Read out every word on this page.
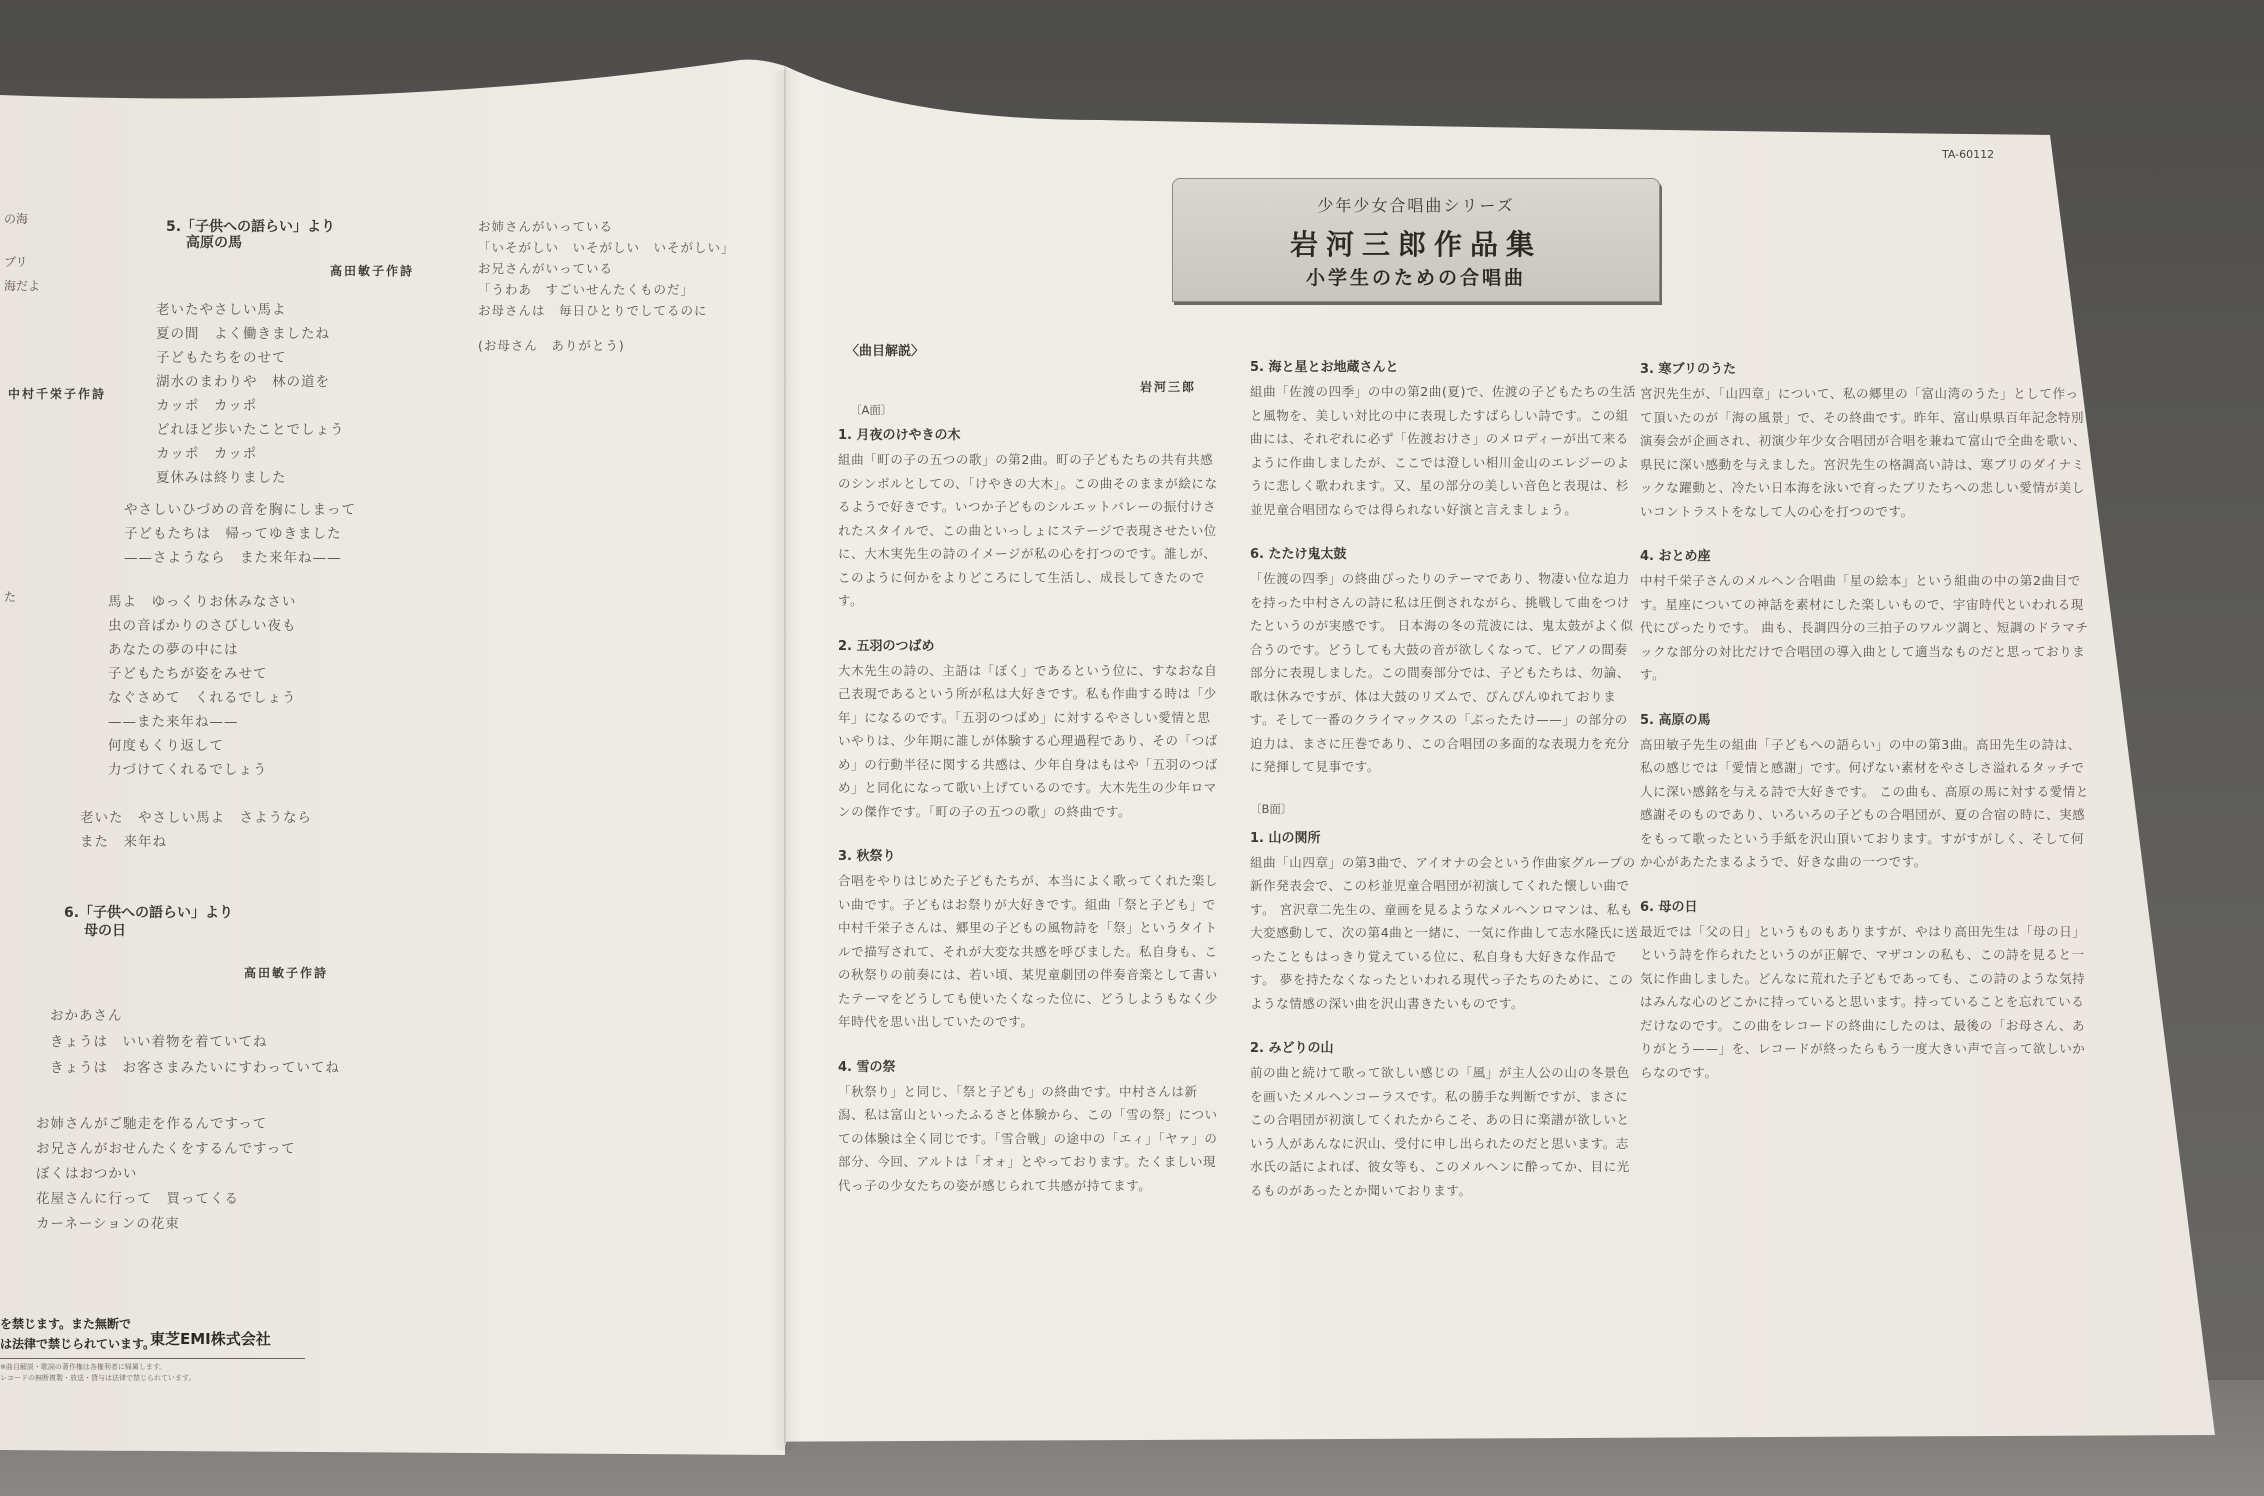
の海
ブリ
海だよ
中村千栄子作詩
た
5.「子供への語らい」より
高原の馬
高田敏子作詩
老いたやさしい馬よ
夏の間　よく働きましたね
子どもたちをのせて
湖水のまわりや　林の道を
カッポ　カッポ
どれほど歩いたことでしょう
カッポ　カッポ
夏休みは終りました
やさしいひづめの音を胸にしまって
子どもたちは　帰ってゆきました
——さようなら　また来年ね——
馬よ　ゆっくりお休みなさい
虫の音ばかりのさびしい夜も
あなたの夢の中には
子どもたちが姿をみせて
なぐさめて　くれるでしょう
——また来年ね——
何度もくり返して
力づけてくれるでしょう
老いた　やさしい馬よ　さようなら
また　来年ね
お姉さんがいっている
「いそがしい　いそがしい　いそがしい」
お兄さんがいっている
「うわあ　すごいせんたくものだ」
お母さんは　毎日ひとりでしてるのに
(お母さん　ありがとう)
6.「子供への語らい」より
母の日
高田敏子作詩
おかあさん
きょうは　いい着物を着ていてね
きょうは　お客さまみたいにすわっていてね
お姉さんがご馳走を作るんですって
お兄さんがおせんたくをするんですって
ぼくはおつかい
花屋さんに行って　買ってくる
カーネーションの花束
を禁じます。また無断で
は法律で禁じられています。
東芝EMI株式会社
※曲目解説・歌詞の著作権は各権利者に帰属します。
レコードの無断複製・放送・貸与は法律で禁じられています。
TA-60112
少年少女合唱曲シリーズ
岩河三郎作品集
小学生のための合唱曲
〈曲目解説〉
岩河三郎
〔A面〕
1. 月夜のけやきの木
組曲「町の子の五つの歌」の第2曲。町の子どもたちの共有共感のシンボルとしての、「けやきの大木」。この曲そのままが絵になるようで好きです。いつか子どものシルエットバレーの振付けされたスタイルで、この曲といっしょにステージで表現させたい位に、大木実先生の詩のイメージが私の心を打つのです。誰しが、このように何かをよりどころにして生活し、成長してきたのです。
2. 五羽のつばめ
大木先生の詩の、主語は「ぼく」であるという位に、すなおな自己表現であるという所が私は大好きです。私も作曲する時は「少年」になるのです。「五羽のつばめ」に対するやさしい愛情と思いやりは、少年期に誰しが体験する心理過程であり、その「つばめ」の行動半径に関する共感は、少年自身はもはや「五羽のつばめ」と同化になって歌い上げているのです。大木先生の少年ロマンの傑作です。「町の子の五つの歌」の終曲です。
3. 秋祭り
合唱をやりはじめた子どもたちが、本当によく歌ってくれた楽しい曲です。子どもはお祭りが大好きです。組曲「祭と子ども」で中村千栄子さんは、郷里の子どもの風物詩を「祭」というタイトルで描写されて、それが大変な共感を呼びました。私自身も、この秋祭りの前奏には、若い頃、某児童劇団の伴奏音楽として書いたテーマをどうしても使いたくなった位に、どうしようもなく少年時代を思い出していたのです。
4. 雪の祭
「秋祭り」と同じ、「祭と子ども」の終曲です。中村さんは新潟、私は富山といったふるさと体験から、この「雪の祭」についての体験は全く同じです。「雪合戦」の途中の「エィ」「ヤァ」の部分、今回、アルトは「オォ」とやっております。たくましい現代っ子の少女たちの姿が感じられて共感が持てます。
5. 海と星とお地蔵さんと
組曲「佐渡の四季」の中の第2曲(夏)で、佐渡の子どもたちの生活と風物を、美しい対比の中に表現したすばらしい詩です。この組曲には、それぞれに必ず「佐渡おけさ」のメロディーが出て来るように作曲しましたが、ここでは澄しい相川金山のエレジーのように悲しく歌われます。又、星の部分の美しい音色と表現は、杉並児童合唱団ならでは得られない好演と言えましょう。
6. たたけ鬼太鼓
「佐渡の四季」の終曲ぴったりのテーマであり、物凄い位な迫力を持った中村さんの詩に私は圧倒されながら、挑戦して曲をつけたというのが実感です。 日本海の冬の荒波には、鬼太鼓がよく似合うのです。どうしても大鼓の音が欲しくなって、ピアノの間奏部分に表現しました。この間奏部分では、子どもたちは、勿論、歌は休みですが、体は大鼓のリズムで、ぴんぴんゆれております。そして一番のクライマックスの「ぶったたけ——」の部分の迫力は、まさに圧巻であり、この合唱団の多面的な表現力を充分に発揮して見事です。
〔B面〕
1. 山の関所
組曲「山四章」の第3曲で、アイオナの会という作曲家グループの新作発表会で、この杉並児童合唱団が初演してくれた懐しい曲です。 宮沢章二先生の、童画を見るようなメルヘンロマンは、私も大変感動して、次の第4曲と一緒に、一気に作曲して志水隆氏に送ったこともはっきり覚えている位に、私自身も大好きな作品です。 夢を持たなくなったといわれる現代っ子たちのために、このような情感の深い曲を沢山書きたいものです。
2. みどりの山
前の曲と続けて歌って欲しい感じの「風」が主人公の山の冬景色を画いたメルヘンコーラスです。私の勝手な判断ですが、まさにこの合唱団が初演してくれたからこそ、あの日に楽譜が欲しいという人があんなに沢山、受付に申し出られたのだと思います。志水氏の話によれば、彼女等も、このメルヘンに酔ってか、目に光るものがあったとか聞いております。
3. 寒ブリのうた
宮沢先生が、「山四章」について、私の郷里の「富山湾のうた」として作って頂いたのが「海の風景」で、その終曲です。昨年、富山県県百年記念特別演奏会が企画され、初演少年少女合唱団が合唱を兼ねて富山で全曲を歌い、県民に深い感動を与えました。宮沢先生の格調高い詩は、寒ブリのダイナミックな躍動と、冷たい日本海を泳いで育ったブリたちへの悲しい愛情が美しいコントラストをなして人の心を打つのです。
4. おとめ座
中村千栄子さんのメルヘン合唱曲「星の絵本」という組曲の中の第2曲目です。星座についての神話を素材にした楽しいもので、宇宙時代といわれる現代にぴったりです。 曲も、長調四分の三拍子のワルツ調と、短調のドラマチックな部分の対比だけで合唱団の導入曲として適当なものだと思っております。
5. 高原の馬
高田敏子先生の組曲「子どもへの語らい」の中の第3曲。高田先生の詩は、私の感じでは「愛情と感謝」です。何げない素材をやさしさ溢れるタッチで人に深い感銘を与える詩で大好きです。 この曲も、高原の馬に対する愛情と感謝そのものであり、いろいろの子どもの合唱団が、夏の合宿の時に、実感をもって歌ったという手紙を沢山頂いております。すがすがしく、そして何か心があたたまるようで、好きな曲の一つです。
6. 母の日
最近では「父の日」というものもありますが、やはり高田先生は「母の日」という詩を作られたというのが正解で、マザコンの私も、この詩を見ると一気に作曲しました。どんなに荒れた子どもであっても、この詩のような気持はみんな心のどこかに持っていると思います。持っていることを忘れているだけなのです。この曲をレコードの終曲にしたのは、最後の「お母さん、ありがとう——」を、レコードが終ったらもう一度大きい声で言って欲しいからなのです。
